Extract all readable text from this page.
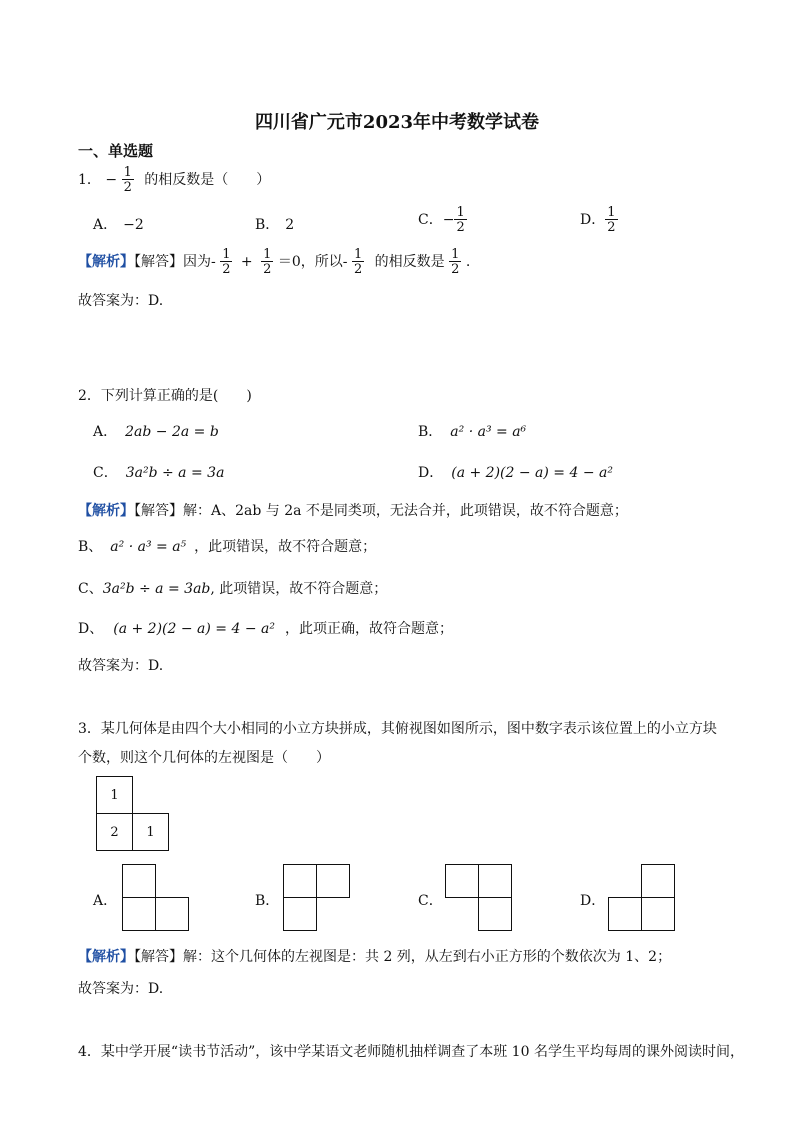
四川省广元市2023年中考数学试卷
一、单选题
1． − $\frac{1}{2}$ 的相反数是（　　）
A． −2	B． 2	C．− $\frac{1}{2}$	D． $\frac{1}{2}$
【解析】【解答】因为- $\frac{1}{2} + \frac{1}{2} =0$，所以- $\frac{1}{2}$ 的相反数是 $\frac{1}{2}$ .
故答案为：D.
2．下列计算正确的是(　　)
A． 2ab − 2a = b	B． a² · a³ = a⁶
C． 3a²b ÷ a = 3a	D． (a + 2)(2 − a) = 4 − a²
【解析】【解答】解：A、2ab 与 2a 不是同类项，无法合并，此项错误，故不符合题意；
B、 a² · a³ = a⁵ ，此项错误，故不符合题意；
C、3a²b ÷ a = 3ab, 此项错误，故不符合题意；
D、 (a + 2)(2 − a) = 4 − a² ，此项正确，故符合题意；
故答案为：D.
3．某几何体是由四个大小相同的小立方块拼成，其俯视图如图所示，图中数字表示该位置上的小立方块
个数，则这个几何体的左视图是（　　）
1
2	1
A．	B．	C．	D．
【解析】【解答】解：这个几何体的左视图是：共 2 列，从左到右小正方形的个数依次为 1、2；
故答案为：D.
4．某中学开展“读书节活动”，该中学某语文老师随机抽样调查了本班 10 名学生平均每周的课外阅读时间，
